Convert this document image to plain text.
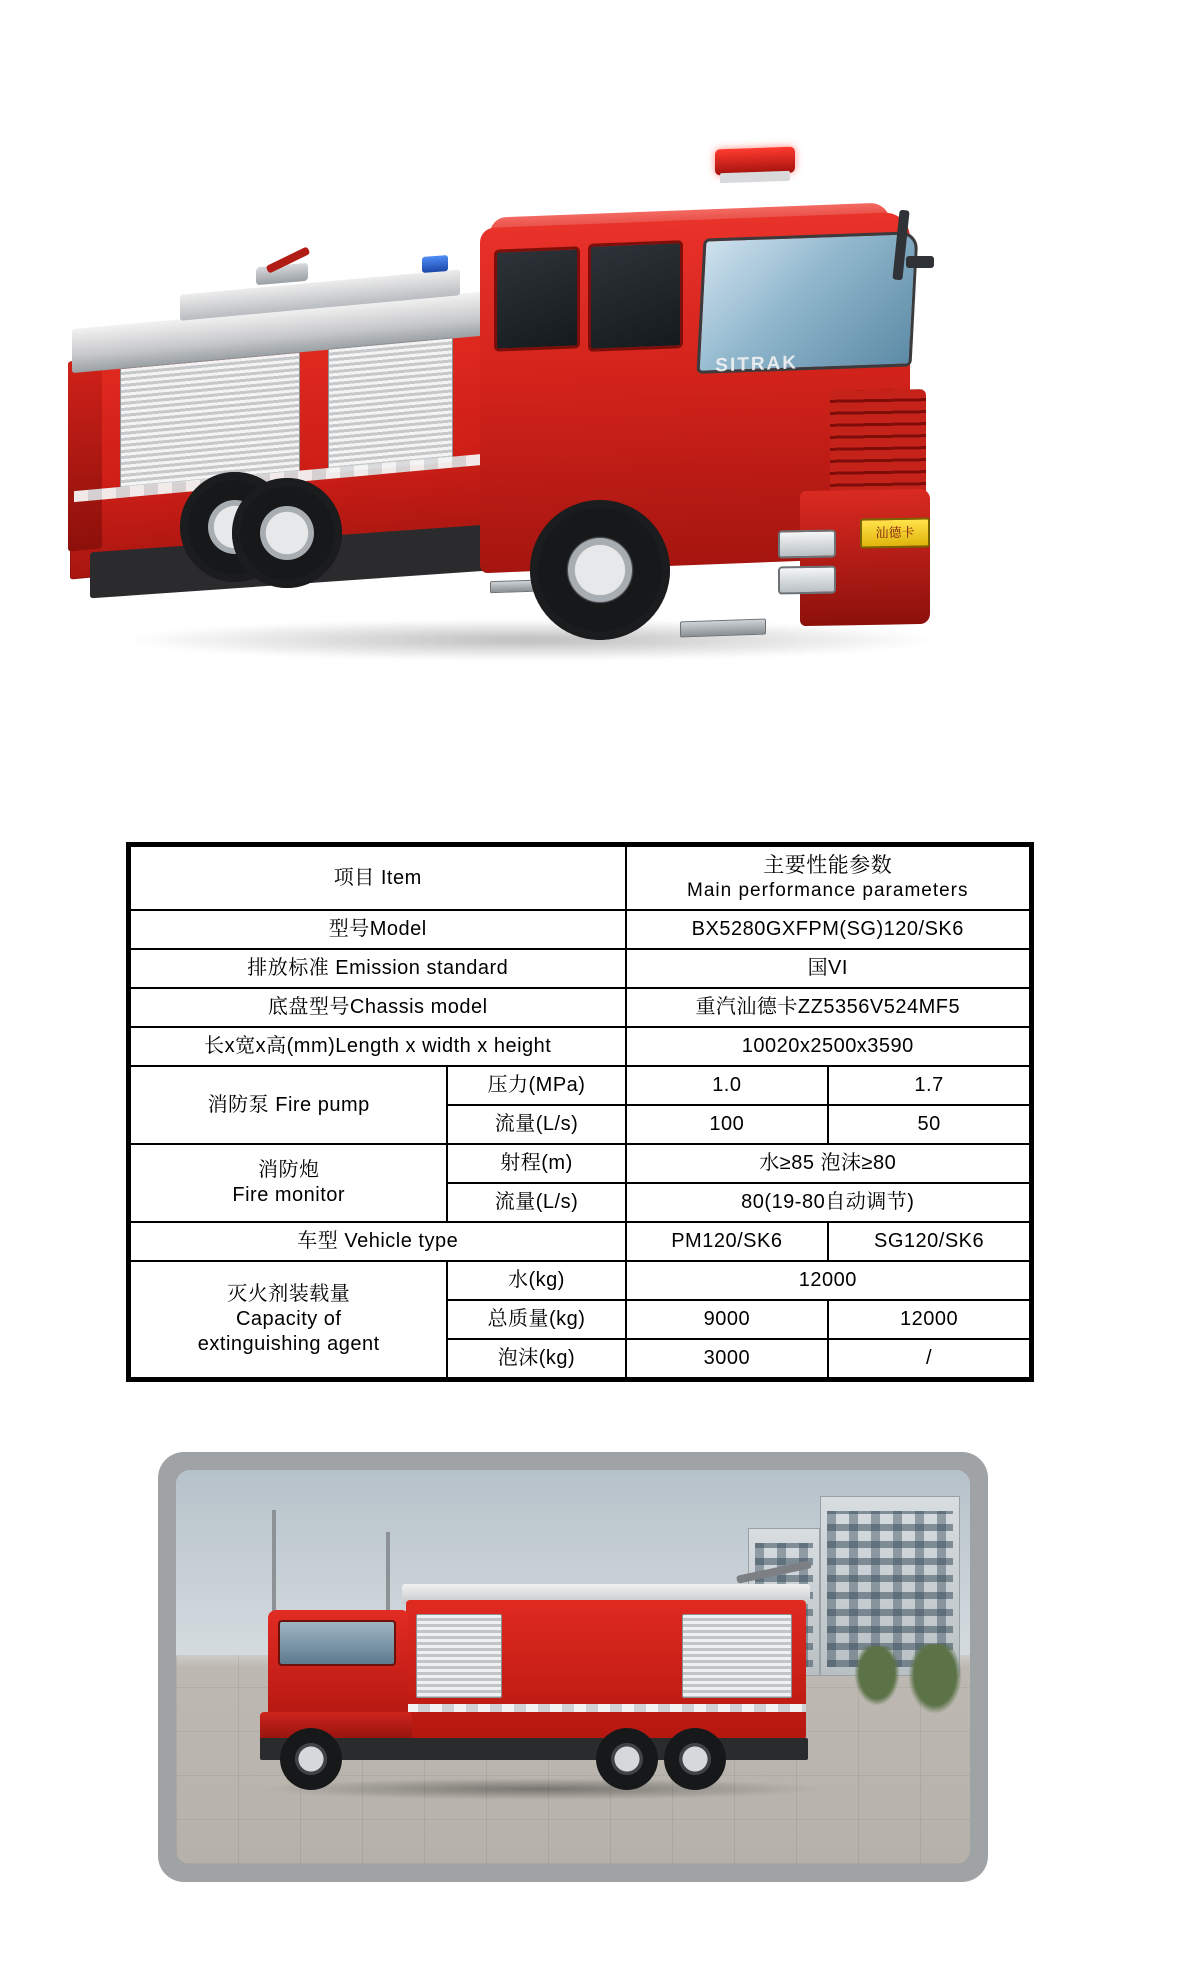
SITRAK
汕德卡
项目 Item		主要性能参数
Main performance parameters	

型号Model		BX5280GXFPM(SG)120/SK6	
排放标准 Emission standard		国VI	
底盘型号Chassis model		重汽汕德卡ZZ5356V524MF5	
长x宽x高(mm)Length x width x height		10020x2500x3590	
消防泵 Fire pump	压力(MPa)	1.0	1.7
	流量(L/s)	100	50

消防炮
Fire monitor	射程(m)	水≥85 泡沫≥80	
	流量(L/s)	80(19-80自动调节)	
车型 Vehicle type		PM120/SK6	SG120/SK6

灭火剂装载量
Capacity of
extinguishing agent	水(kg)	12000	
	总质量(kg)	9000	12000
	泡沫(kg)	3000	/
